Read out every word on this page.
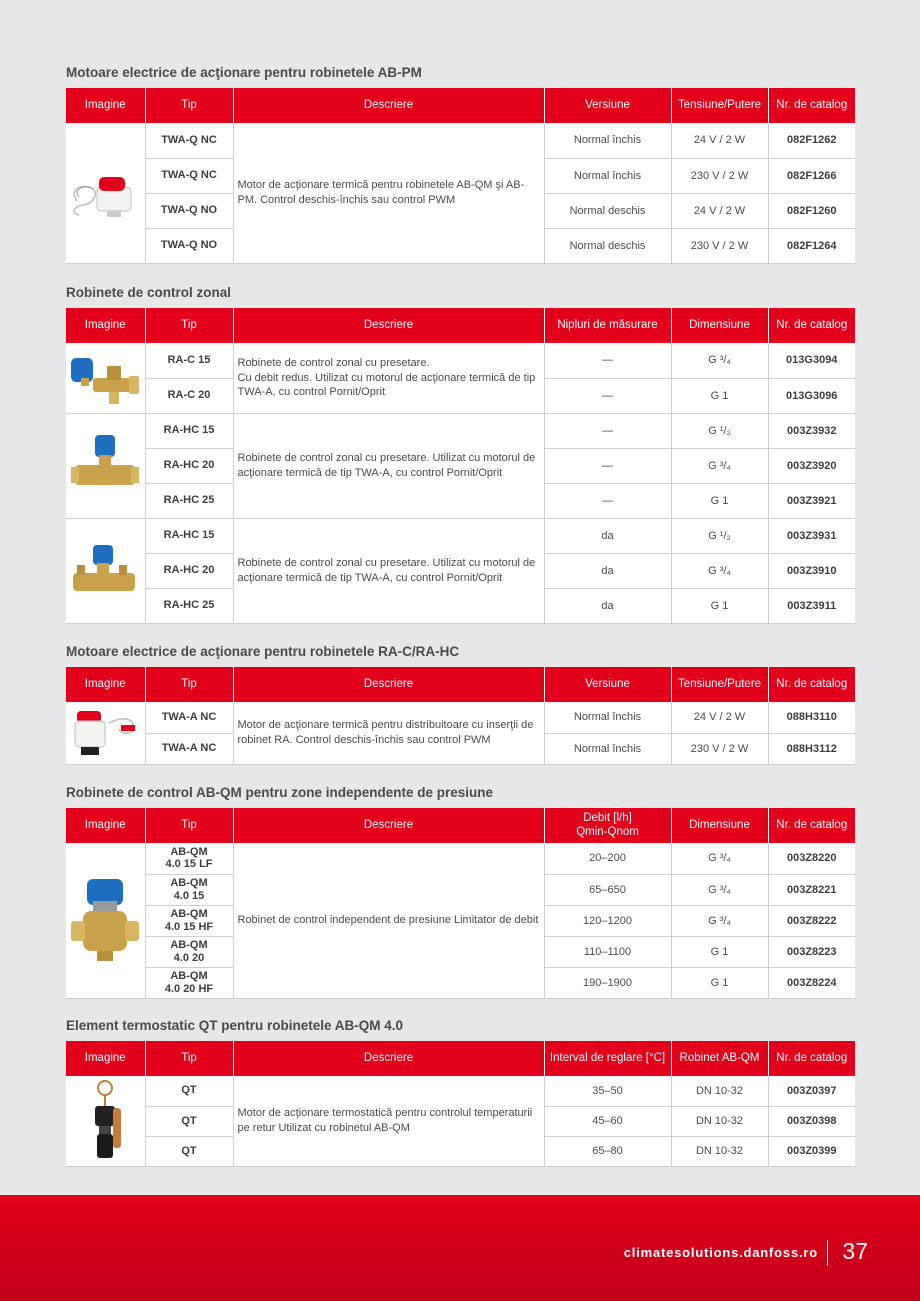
Motoare electrice de acţionare pentru robinetele AB-PM
Imagine	Tip	Descriere	Versiune	Tensiune/Putere	Nr. de catalog

	TWA-Q NC	Motor de acţionare termică pentru robinetele AB-QM şi AB-PM. Control deschis-închis sau control PWM	Normal închis	24 V / 2 W	082F1262
	TWA-Q NC		Normal închis	230 V / 2 W	082F1266
	TWA-Q NO		Normal deschis	24 V / 2 W	082F1260
	TWA-Q NO		Normal deschis	230 V / 2 W	082F1264
Robinete de control zonal
Imagine	Tip	Descriere	Nipluri de măsurare	Dimensiune	Nr. de catalog

	RA-C 15	Robinete de control zonal cu presetare.
Cu debit redus. Utilizat cu motorul de acţionare termică de tip TWA-A, cu control Pornit/Oprit	—	G ³/₄	013G3094
	RA-C 20		—	G 1	013G3096

	RA-HC 15	Robinete de control zonal cu presetare. Utilizat cu motorul de acţionare termică de tip TWA-A, cu control Pornit/Oprit	—	G ¹/₂	003Z3932
	RA-HC 20		—	G ³/₄	003Z3920
	RA-HC 25		—	G 1	003Z3921

	RA-HC 15	Robinete de control zonal cu presetare. Utilizat cu motorul de acţionare termică de tip TWA-A, cu control Pornit/Oprit	da	G ¹/₂	003Z3931
	RA-HC 20		da	G ³/₄	003Z3910
	RA-HC 25		da	G 1	003Z3911
Motoare electrice de acţionare pentru robinetele RA-C/RA-HC
Imagine	Tip	Descriere	Versiune	Tensiune/Putere	Nr. de catalog

	TWA-A NC	Motor de acţionare termică pentru distribuitoare cu inserţii de robinet RA. Control deschis-închis sau control PWM	Normal închis	24 V / 2 W	088H3110
	TWA-A NC		Normal închis	230 V / 2 W	088H3112
Robinete de control AB-QM pentru zone independente de presiune
Imagine	Tip	Descriere	Debit [l/h]
Qmin-Qnom	Dimensiune	Nr. de catalog

	AB-QM
4.0 15 LF	Robinet de control independent de presiune Limitator de debit	20–200	G ³/₄	003Z8220
	AB-QM
4.0 15		65–650	G ³/₄	003Z8221
	AB-QM
4.0 15 HF		120–1200	G ³/₄	003Z8222
	AB-QM
4.0 20		110–1100	G 1	003Z8223
	AB-QM
4.0 20 HF		190–1900	G 1	003Z8224
Element termostatic QT pentru robinetele AB-QM 4.0
Imagine	Tip	Descriere	Interval de reglare [°C]	Robinet AB-QM	Nr. de catalog

	QT	Motor de acţionare termostatică pentru controlul temperaturii pe retur Utilizat cu robinetul AB-QM	35–50	DN 10-32	003Z0397
	QT		45–60	DN 10-32	003Z0398
	QT		65–80	DN 10-32	003Z0399
climatesolutions.danfoss.ro 37
